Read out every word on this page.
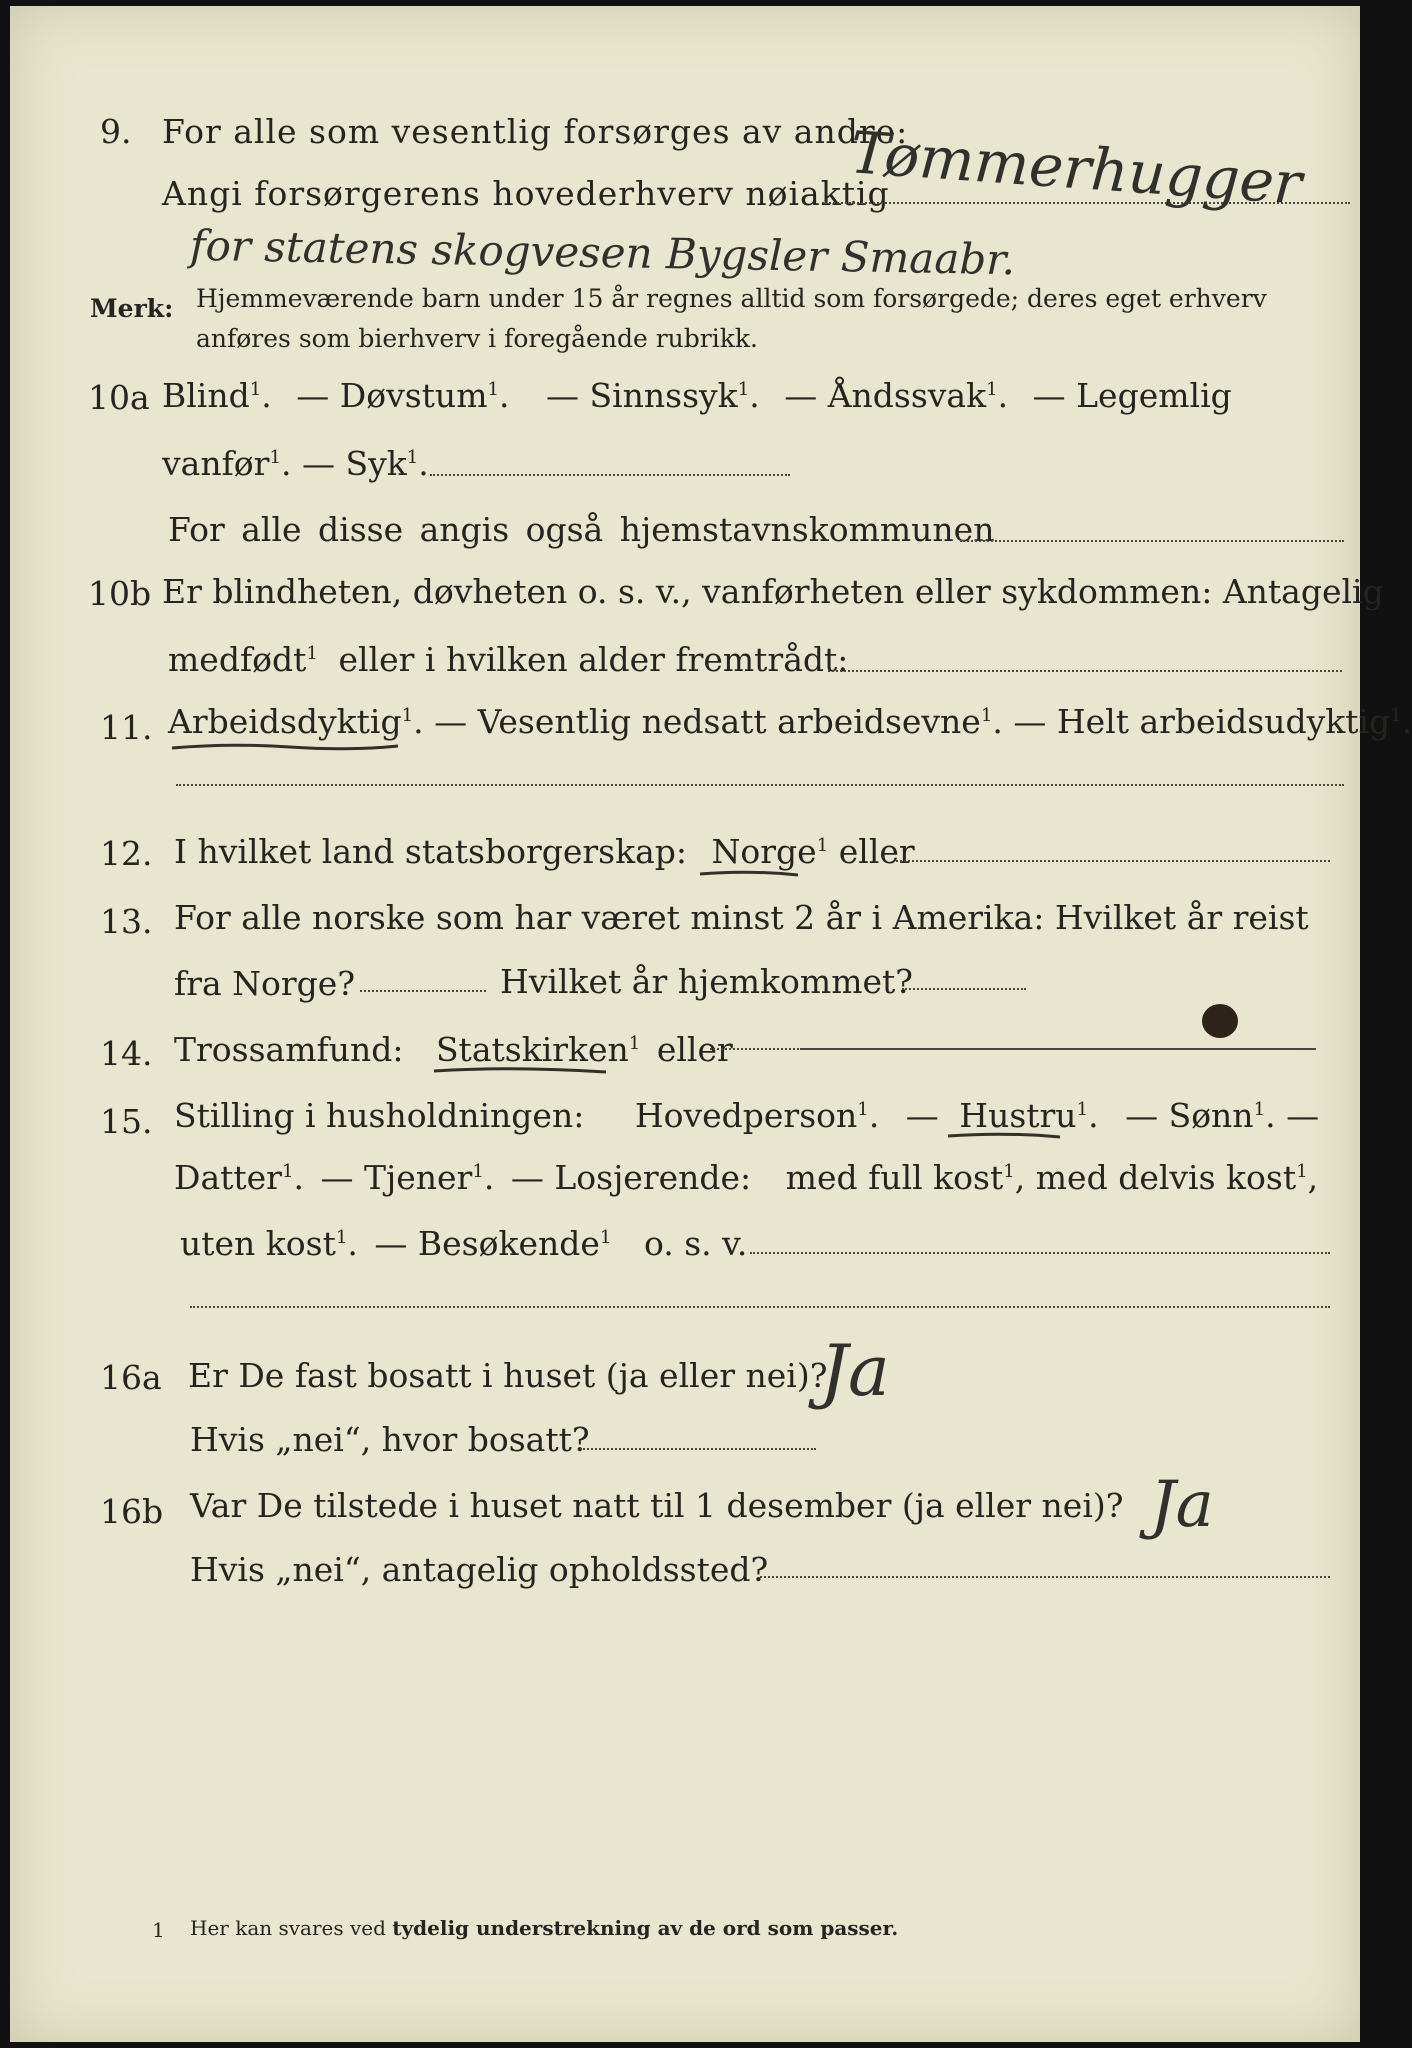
9. For alle som vesentlig forsørges av andre:
Angi forsørgerens hovederhverv nøiaktig
Tømmerhugger
for statens skogvesen Bygsler Smaabr.
Merk: Hjemmeværende barn under 15 år regnes alltid som forsørgede; deres eget erhverv
anføres som bierhverv i foregående rubrikk.
10a Blind$^1$. — Døvstum$^1$. — Sinnssyk$^1$. — Åndssvak$^1$. — Legemlig
vanfør$^1$. — Syk$^1$.
For alle disse angis også hjemstavnskommunen
10b Er blindheten, døvheten o. s. v., vanførheten eller sykdommen: Antagelig
medfødt$^1$ eller i hvilken alder fremtrådt:
11. Arbeidsdyktig$^1$. — Vesentlig nedsatt arbeidsevne$^1$. — Helt arbeidsudyktig$^1$.
12. I hvilket land statsborgerskap: Norge$^1$ eller
13. For alle norske som har været minst 2 år i Amerika: Hvilket år reist
fra Norge?	Hvilket år hjemkommet?
14. Trossamfund: Statskirken$^1$ eller
15. Stilling i husholdningen: Hovedperson$^1$. — Hustru$^1$. — Sønn$^1$. —
Datter$^1$. — Tjener$^1$. — Losjerende: med full kost$^1$, med delvis kost$^1$,
uten kost$^1$. — Besøkende$^1$ o. s. v.
16a Er De fast bosatt i huset (ja eller nei)?
Ja
Hvis „nei“, hvor bosatt?
16b Var De tilstede i huset natt til 1 desember (ja eller nei)? Ja
Hvis „nei“, antagelig opholdssted?
1 Her kan svares ved tydelig understrekning av de ord som passer.
